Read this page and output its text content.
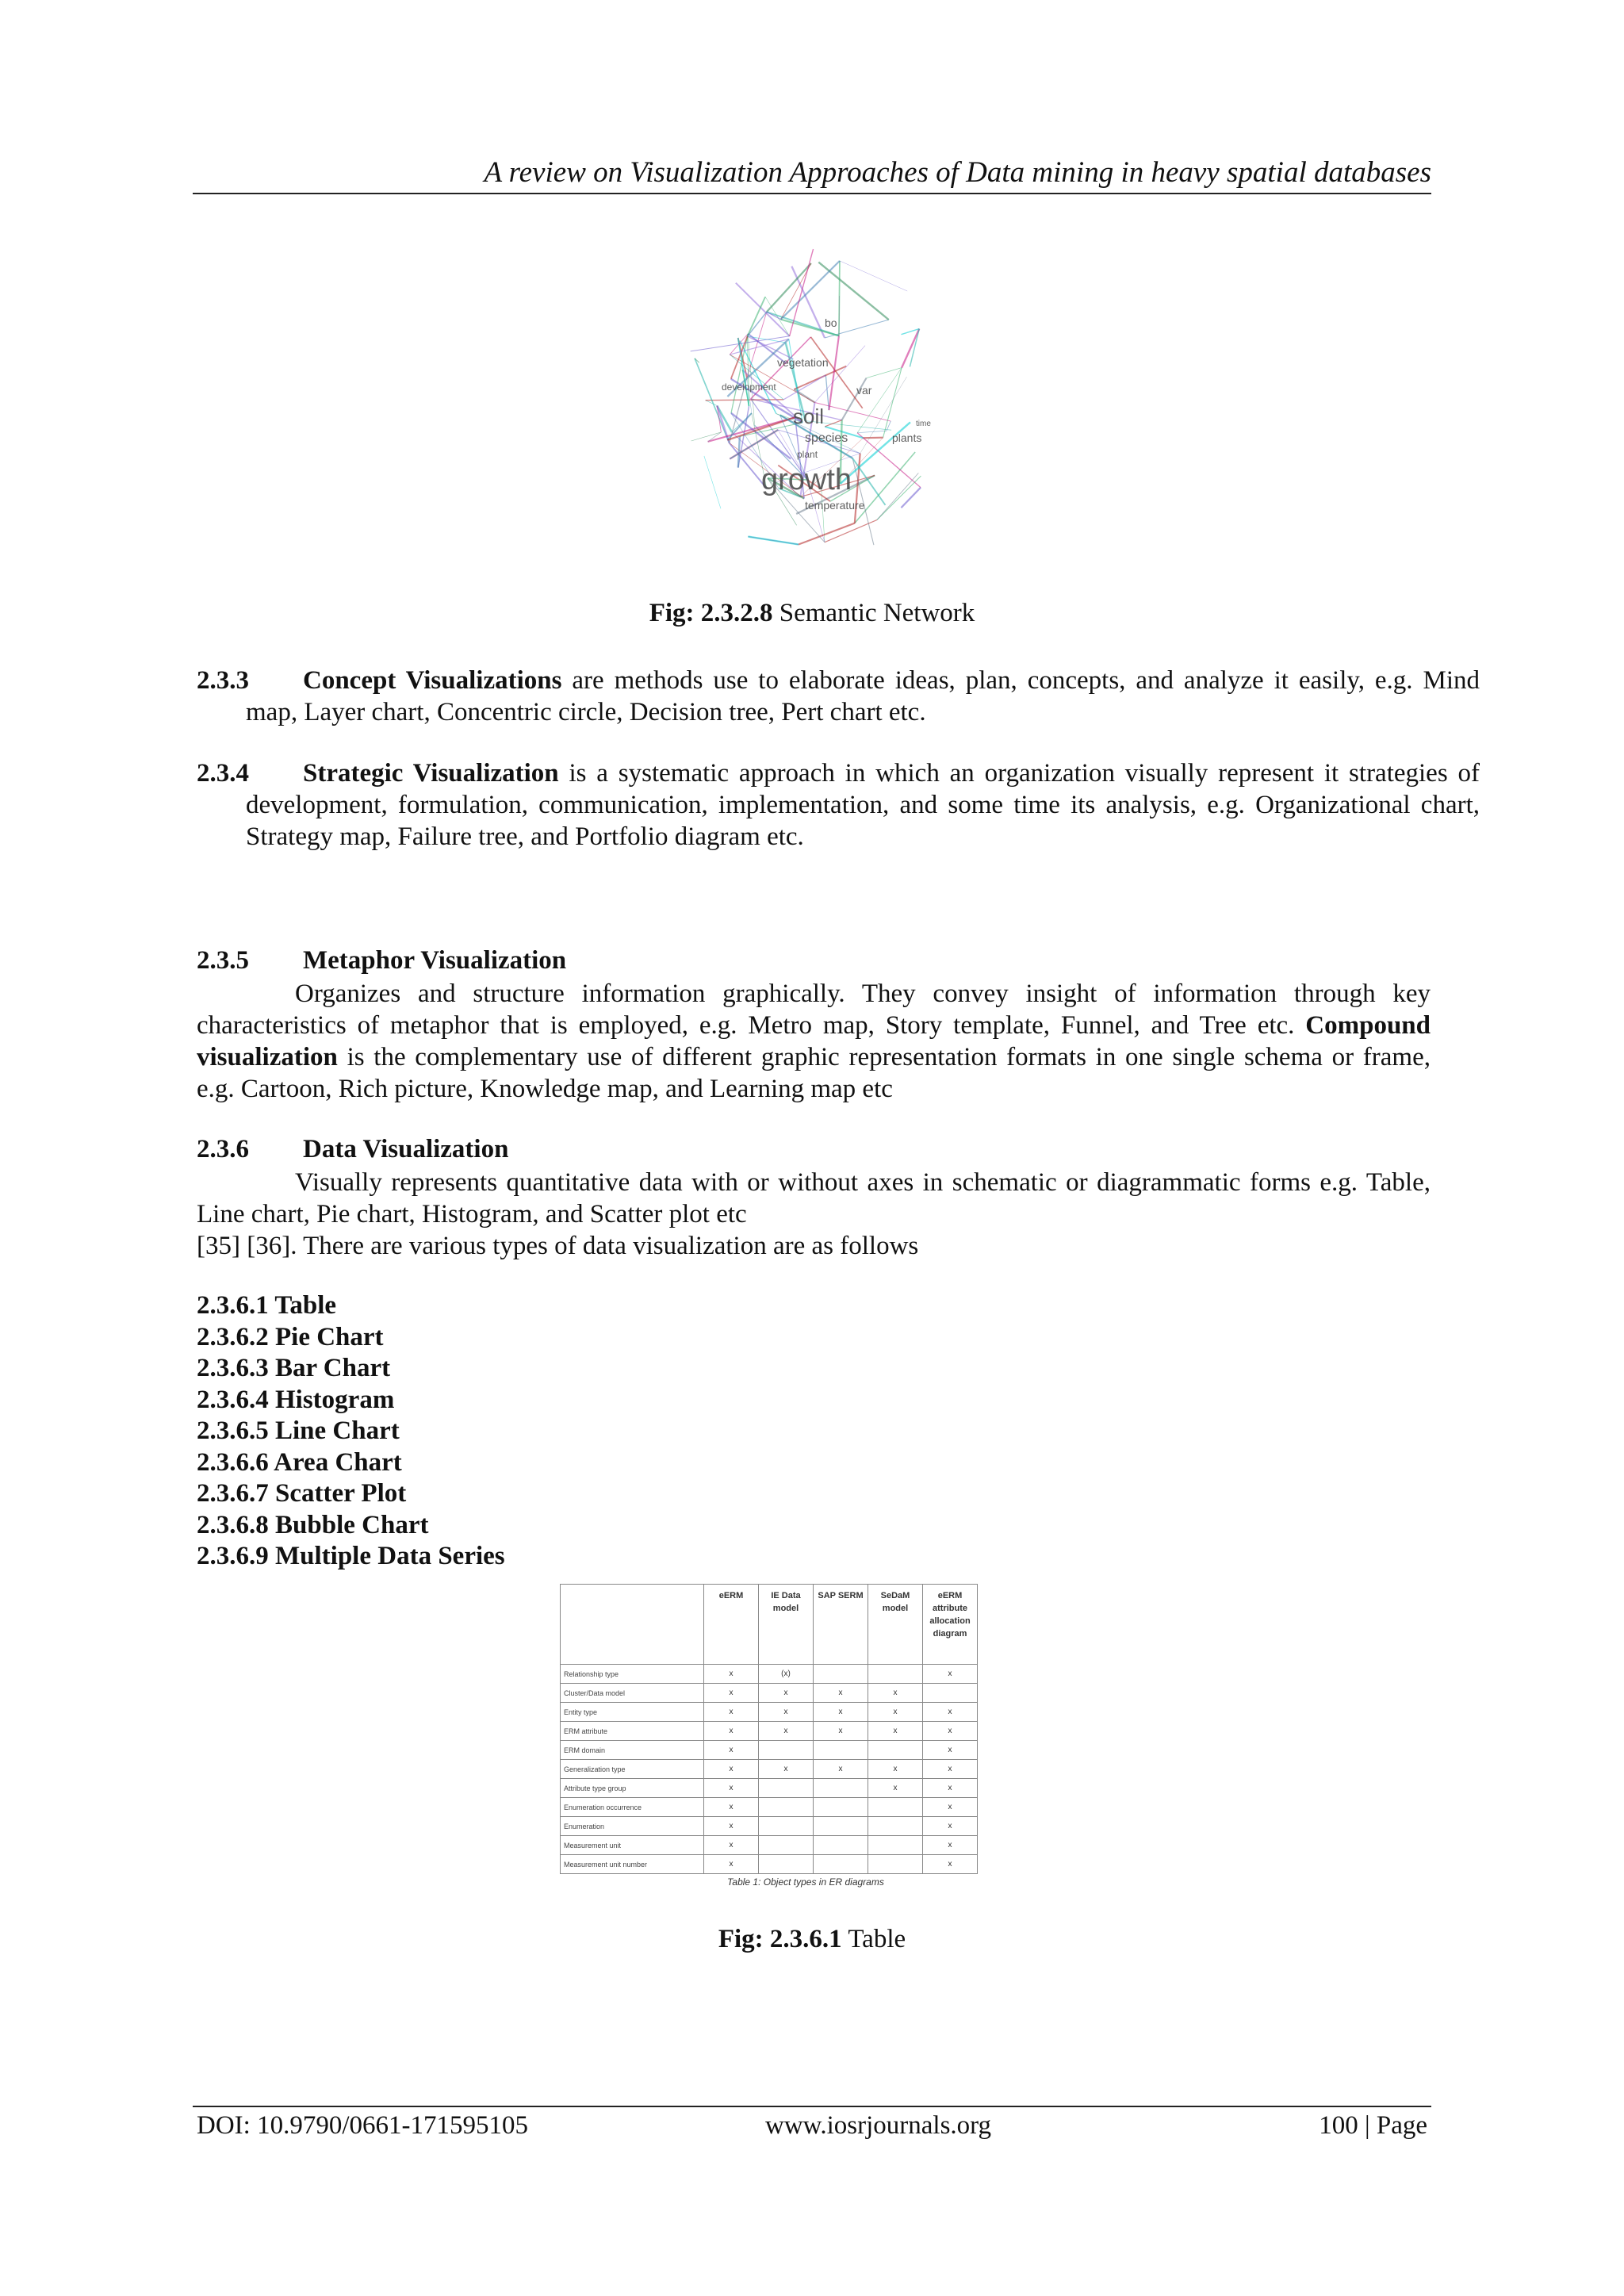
A review on Visualization Approaches of Data mining in heavy spatial databases
growth
soil
vegetation
species	plants
plant
temperature
development	var
bo
time
Fig: 2.3.2.8 Semantic Network
2.3.3 Concept Visualizations are methods use to elaborate ideas, plan, concepts, and analyze it easily, e.g. Mind map, Layer chart, Concentric circle, Decision tree, Pert chart etc.
2.3.4 Strategic Visualization is a systematic approach in which an organization visually represent it strategies of development, formulation, communication, implementation, and some time its analysis, e.g. Organizational chart, Strategy map, Failure tree, and Portfolio diagram etc.
2.3.5 Metaphor Visualization
Organizes and structure information graphically. They convey insight of information through key characteristics of metaphor that is employed, e.g. Metro map, Story template, Funnel, and Tree etc. Compound visualization is the complementary use of different graphic representation formats in one single schema or frame, e.g. Cartoon, Rich picture, Knowledge map, and Learning map etc
2.3.6 Data Visualization
Visually represents quantitative data with or without axes in schematic or diagrammatic forms e.g. Table, Line chart, Pie chart, Histogram, and Scatter plot etc
[35] [36]. There are various types of data visualization are as follows
2.3.6.1 Table
2.3.6.2 Pie Chart
2.3.6.3 Bar Chart
2.3.6.4 Histogram
2.3.6.5 Line Chart
2.3.6.6 Area Chart
2.3.6.7 Scatter Plot
2.3.6.8 Bubble Chart
2.3.6.9 Multiple Data Series
	eERM	IE Data model	SAP SERM	SeDaM model	eERM attribute allocation diagram
Relationship type	x	(x)			x
Cluster/Data model	x	x	x	x	
Entity type	x	x	x	x	x
ERM attribute	x	x	x	x	x
ERM domain	x				x
Generalization type	x	x	x	x	x
Attribute type group	x			x	x
Enumeration occurrence	x				x
Enumeration	x				x
Measurement unit	x				x
Measurement unit number	x				x
Table 1: Object types in ER diagrams
Fig: 2.3.6.1 Table
DOI: 10.9790/0661-171595105	www.iosrjournals.org	100 | Page
